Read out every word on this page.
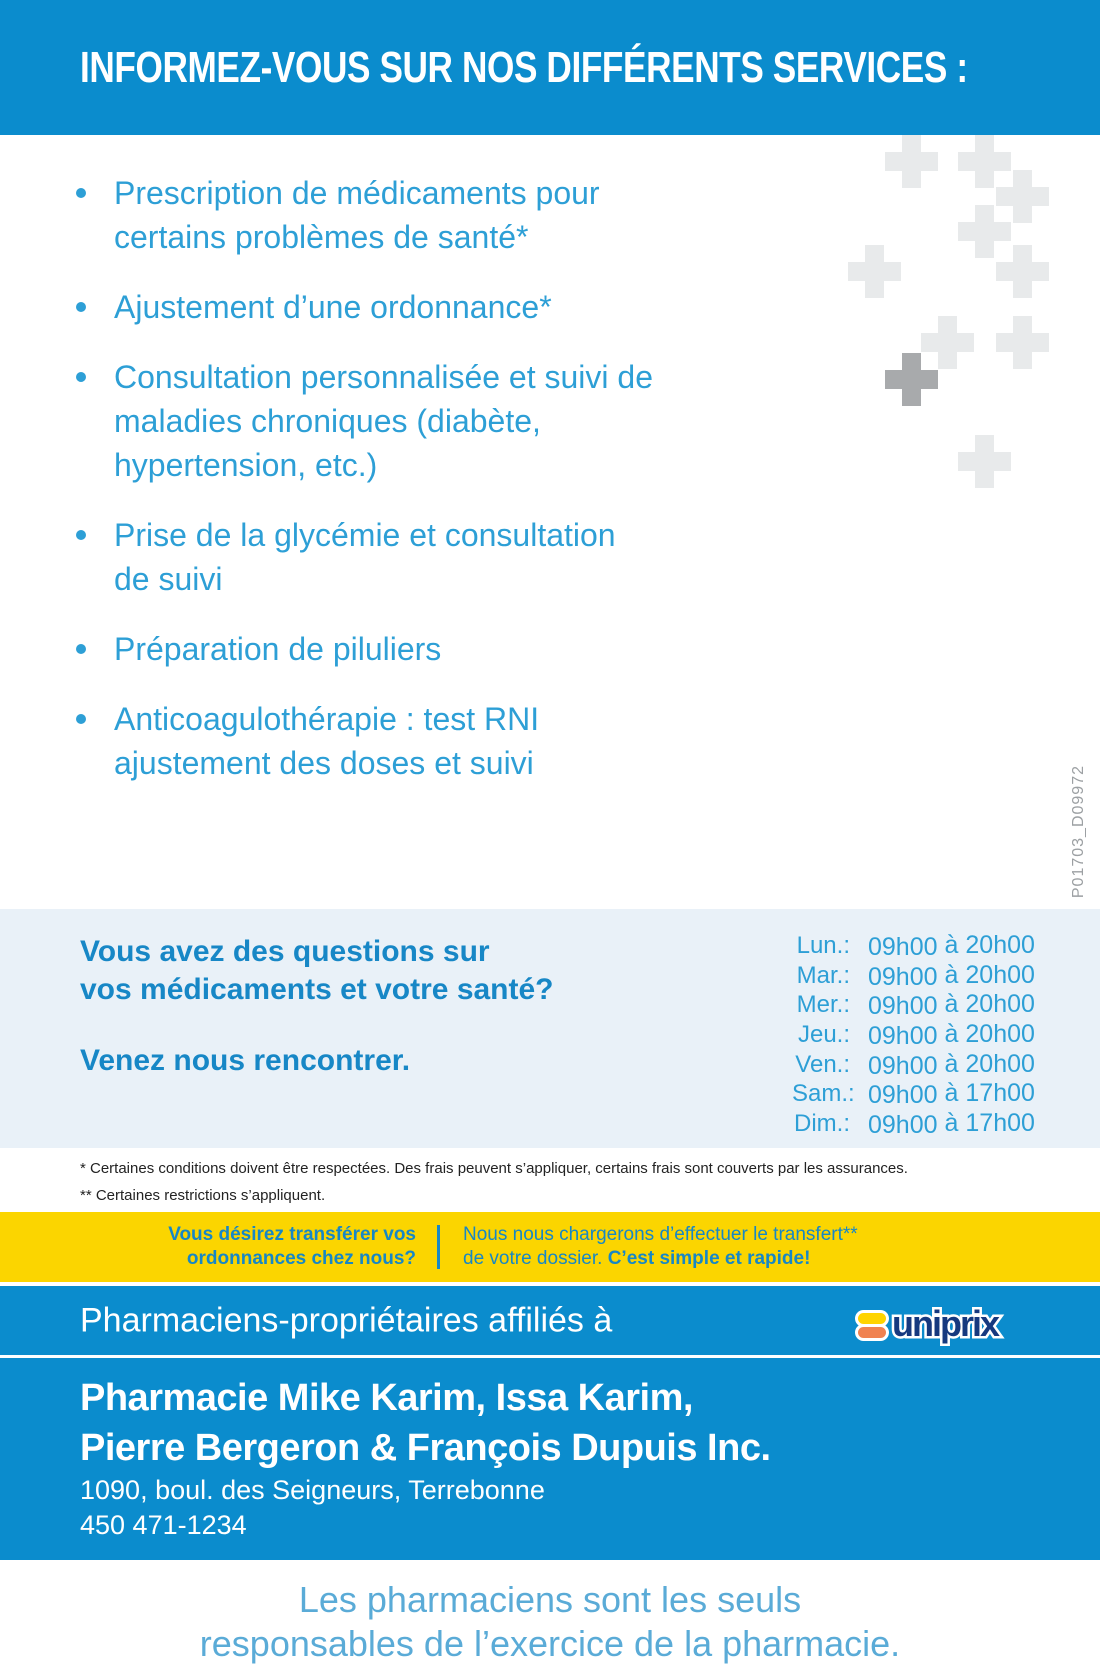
INFORMEZ-VOUS SUR NOS DIFFÉRENTS SERVICES :
Prescription de médicaments pour
certains problèmes de santé*
Ajustement d’une ordonnance*
Consultation personnalisée et suivi de
maladies chroniques (diabète,
hypertension, etc.)
Prise de la glycémie et consultation
de suivi
Préparation de piluliers
Anticoagulothérapie : test RNI
ajustement des doses et suivi
P01703_D09972
Vous avez des questions sur
vos médicaments et votre santé?
Venez nous rencontrer.
Lun.: 09h00 à 20h00
Mar.: 09h00 à 20h00
Mer.: 09h00 à 20h00
Jeu.: 09h00 à 20h00
Ven.: 09h00 à 20h00
Sam.: 09h00 à 17h00
Dim.: 09h00 à 17h00
* Certaines conditions doivent être respectées. Des frais peuvent s’appliquer, certains frais sont couverts par les assurances.
** Certaines restrictions s’appliquent.
Vous désirez transférer vos
ordonnances chez nous?
Nous nous chargerons d’effectuer le transfert**
de votre dossier. C’est simple et rapide!
Pharmaciens-propriétaires affiliés à	uniprix
Pharmacie Mike Karim, Issa Karim,
Pierre Bergeron & François Dupuis Inc.
1090, boul. des Seigneurs, Terrebonne
450 471-1234
Les pharmaciens sont les seuls
responsables de l’exercice de la pharmacie.
